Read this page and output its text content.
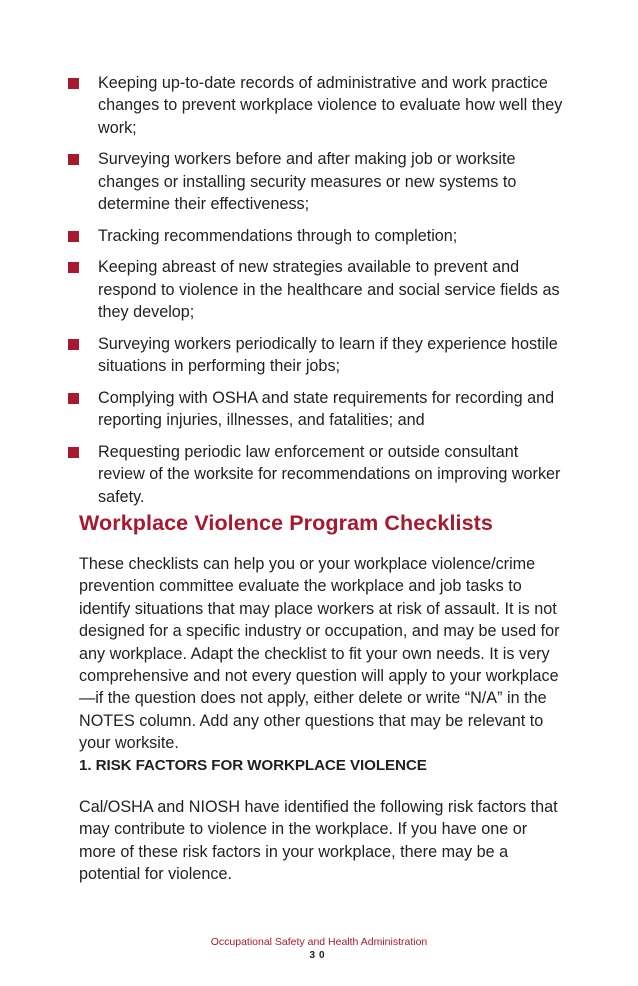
Keeping up-to-date records of administrative and work practice changes to prevent workplace violence to evaluate how well they work;
Surveying workers before and after making job or worksite changes or installing security measures or new systems to determine their effectiveness;
Tracking recommendations through to completion;
Keeping abreast of new strategies available to prevent and respond to violence in the healthcare and social service fields as they develop;
Surveying workers periodically to learn if they experience hostile situations in performing their jobs;
Complying with OSHA and state requirements for recording and reporting injuries, illnesses, and fatalities; and
Requesting periodic law enforcement or outside consultant review of the worksite for recommendations on improving worker safety.
Workplace Violence Program Checklists

These checklists can help you or your workplace violence/crime prevention committee evaluate the workplace and job tasks to identify situations that may place workers at risk of assault. It is not designed for a specific industry or occupation, and may be used for any workplace. Adapt the checklist to fit your own needs. It is very comprehensive and not every question will apply to your workplace—if the question does not apply, either delete or write “N/A” in the NOTES column. Add any other questions that may be relevant to your worksite.

1. RISK FACTORS FOR WORKPLACE VIOLENCE

Cal/OSHA and NIOSH have identified the following risk factors that may contribute to violence in the workplace. If you have one or more of these risk factors in your workplace, there may be a potential for violence.

Occupational Safety and Health Administration
30
